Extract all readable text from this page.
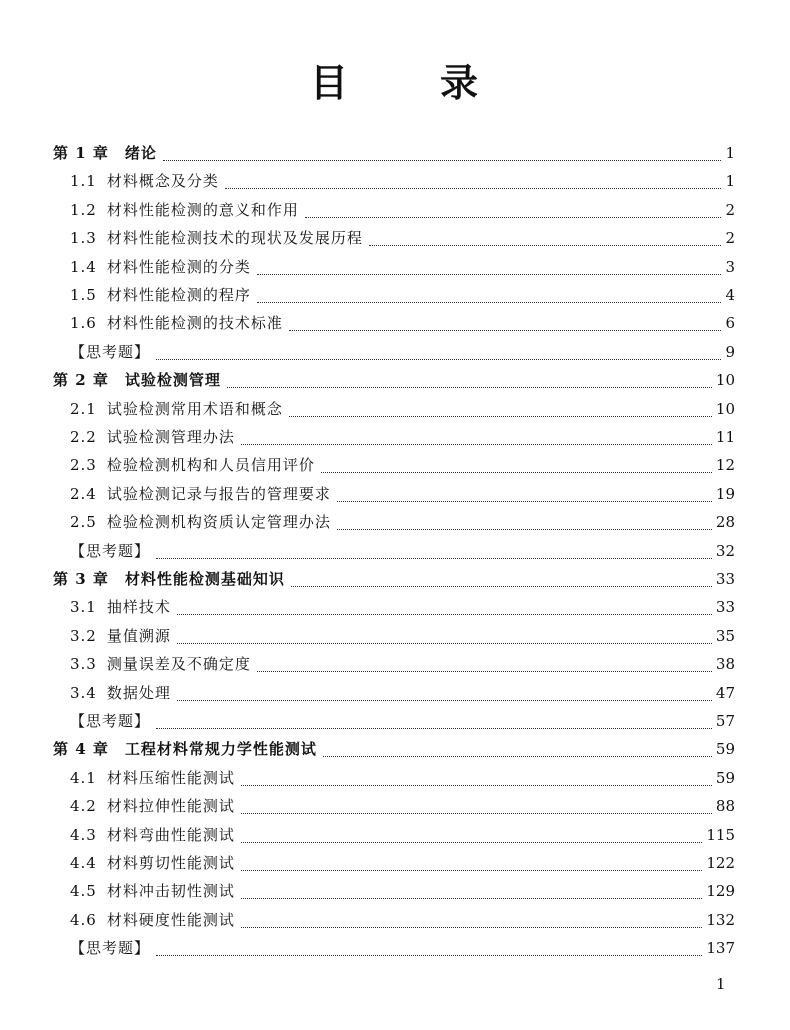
目 录
第 1 章 绪论	1
1.1 材料概念及分类	1
1.2 材料性能检测的意义和作用	2
1.3 材料性能检测技术的现状及发展历程	2
1.4 材料性能检测的分类	3
1.5 材料性能检测的程序	4
1.6 材料性能检测的技术标准	6
【思考题】	9
第 2 章 试验检测管理	10
2.1 试验检测常用术语和概念	10
2.2 试验检测管理办法	11
2.3 检验检测机构和人员信用评价	12
2.4 试验检测记录与报告的管理要求	19
2.5 检验检测机构资质认定管理办法	28
【思考题】	32
第 3 章 材料性能检测基础知识	33
3.1 抽样技术	33
3.2 量值溯源	35
3.3 测量误差及不确定度	38
3.4 数据处理	47
【思考题】	57
第 4 章 工程材料常规力学性能测试	59
4.1 材料压缩性能测试	59
4.2 材料拉伸性能测试	88
4.3 材料弯曲性能测试	115
4.4 材料剪切性能测试	122
4.5 材料冲击韧性测试	129
4.6 材料硬度性能测试	132
【思考题】	137
1
